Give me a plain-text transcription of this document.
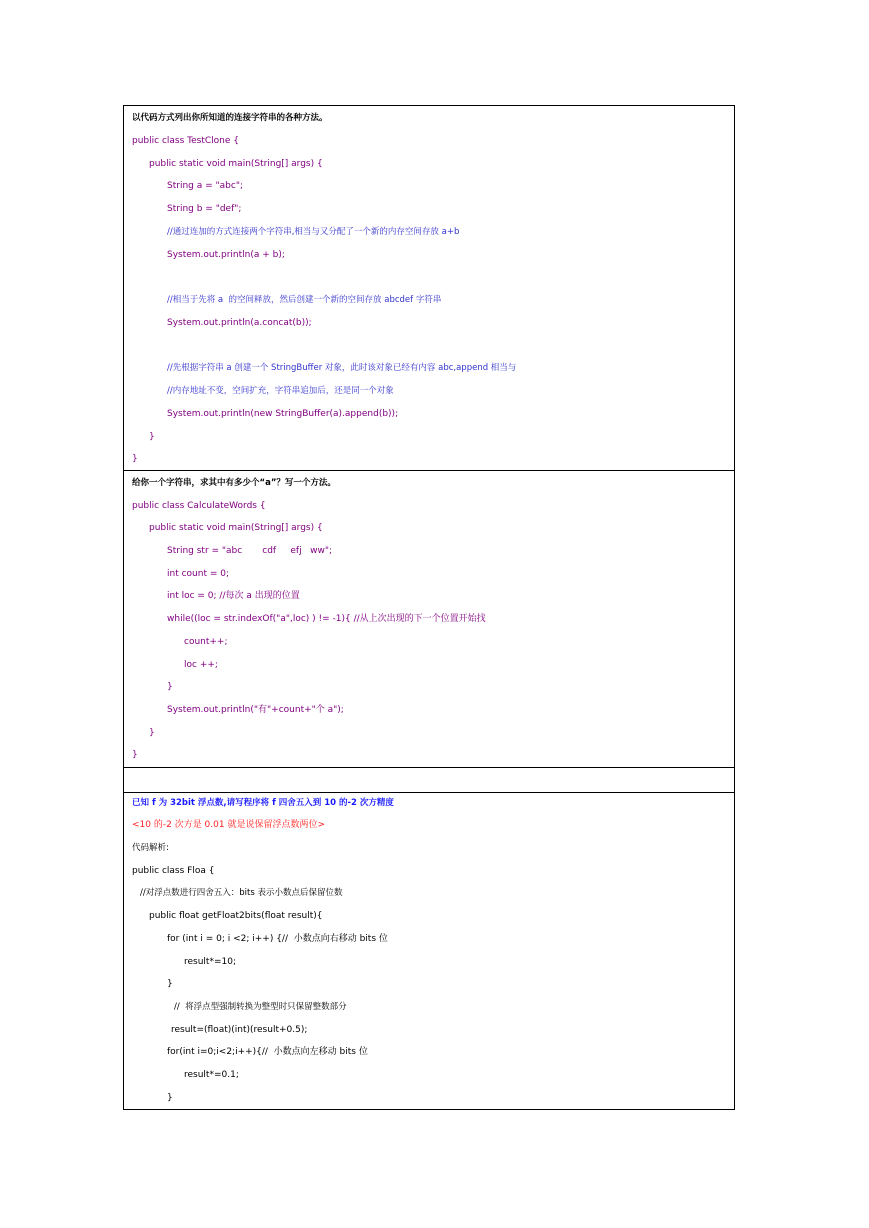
以代码方式列出你所知道的连接字符串的各种方法。
public class TestClone {
public static void main(String[] args) {
String a = "abc";
String b = "def";
//通过连加的方式连接两个字符串,相当与又分配了一个新的内存空间存放 a+b
System.out.println(a + b);
//相当于先将 a  的空间释放，然后创建一个新的空间存放 abcdef 字符串
System.out.println(a.concat(b));
//先根据字符串 a 创建一个 StringBuffer 对象，此时该对象已经有内容 abc,append 相当与
//内存地址不变，空间扩充，字符串追加后，还是同一个对象
System.out.println(new StringBuffer(a).append(b));
}
}
给你一个字符串，求其中有多少个“a”？写一个方法。
public class CalculateWords {
public static void main(String[] args) {
String str = "abc       cdf     efj   ww";
int count = 0;
int loc = 0; //每次 a 出现的位置
while((loc = str.indexOf("a",loc) ) != -1){ //从上次出现的下一个位置开始找
count++;
loc ++;
}
System.out.println("有"+count+"个 a");
}
}
已知 f 为 32bit 浮点数,请写程序将 f 四舍五入到 10 的-2 次方精度
<10 的-2 次方是 0.01 就是说保留浮点数两位>
代码解析:
public class Floa {
//对浮点数进行四舍五入：bits 表示小数点后保留位数
public float getFloat2bits(float result){
for (int i = 0; i <2; i++) {//  小数点向右移动 bits 位
result*=10;
}
//  将浮点型强制转换为整型时只保留整数部分
result=(float)(int)(result+0.5);
for(int i=0;i<2;i++){//  小数点向左移动 bits 位
result*=0.1;
}
